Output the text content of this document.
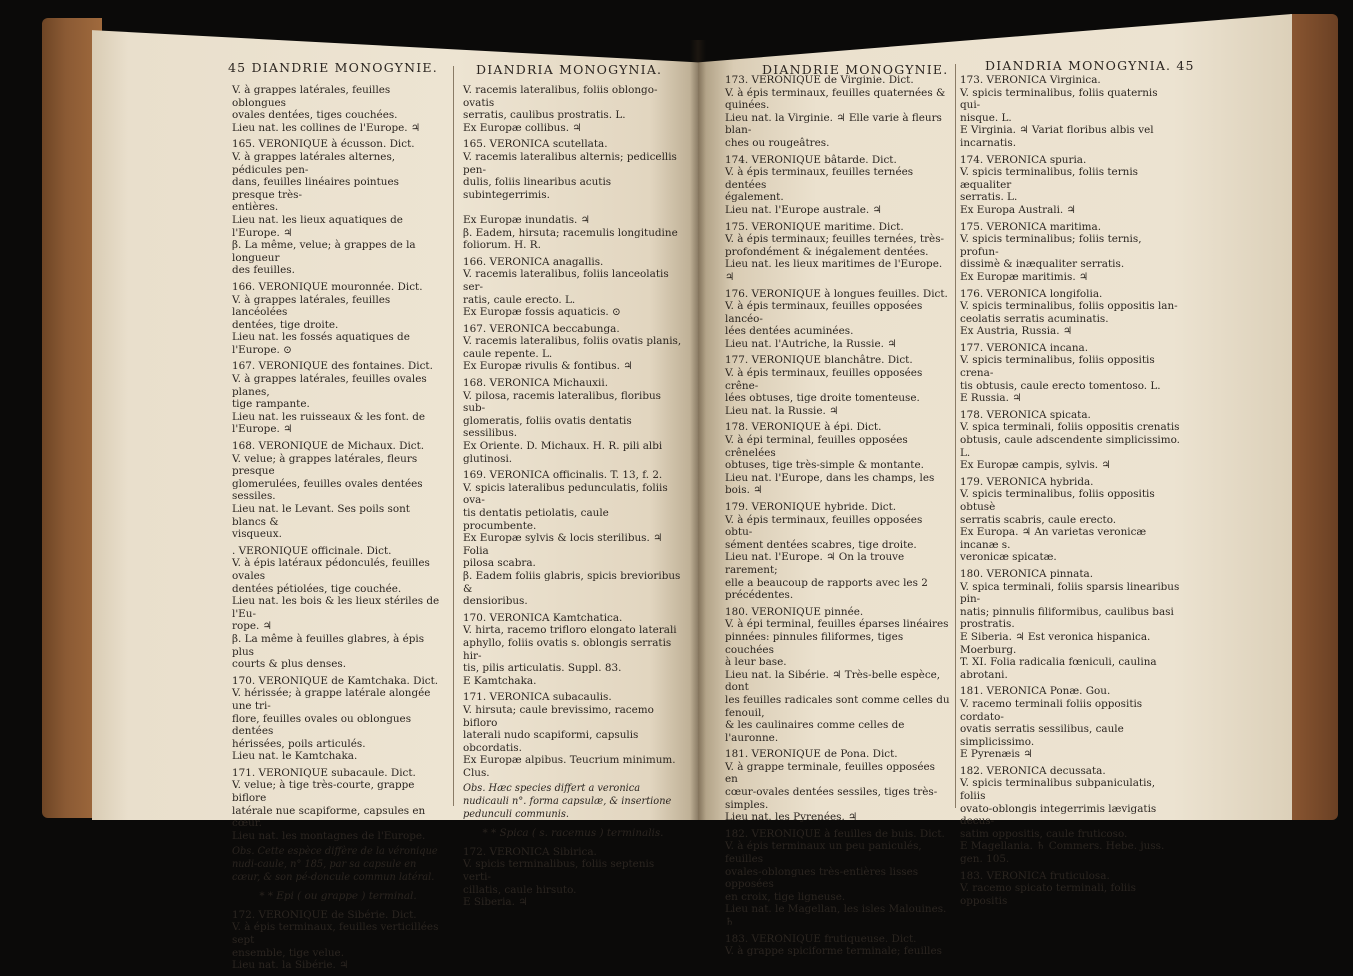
45 DIANDRIE MONOGYNIE.	DIANDRIA MONOGYNIA.	DIANDRIE MONOGYNIE.	DIANDRIA MONOGYNIA. 45

V. à grappes latérales, feuilles oblongues

ovales dentées, tiges couchées.

Lieu nat. les collines de l'Europe. ♃

165. VERONIQUE à écusson. Dict.

V. à grappes latérales alternes, pédicules pen-

dans, feuilles linéaires pointues presque très-

entières.

Lieu nat. les lieux aquatiques de l'Europe. ♃

β. La même, velue; à grappes de la longueur

des feuilles.

166. VERONIQUE mouronnée. Dict.

V. à grappes latérales, feuilles lancéolées

dentées, tige droite.

Lieu nat. les fossés aquatiques de l'Europe. ⊙

167. VERONIQUE des fontaines. Dict.

V. à grappes latérales, feuilles ovales planes,

tige rampante.

Lieu nat. les ruisseaux & les font. de l'Europe. ♃

168. VERONIQUE de Michaux. Dict.

V. velue; à grappes latérales, fleurs presque

glomerulées, feuilles ovales dentées sessiles.

Lieu nat. le Levant. Ses poils sont blancs &

visqueux.

. VERONIQUE officinale. Dict.

V. à épis latéraux pédonculés, feuilles ovales

dentées pétiolées, tige couchée.

Lieu nat. les bois & les lieux stériles de l'Eu-

rope. ♃

β. La même à feuilles glabres, à épis plus

courts & plus denses.

170. VERONIQUE de Kamtchaka. Dict.

V. hérissée; à grappe latérale alongée une tri-

flore, feuilles ovales ou oblongues dentées

hérissées, poils articulés.

Lieu nat. le Kamtchaka.

171. VERONIQUE subacaule. Dict.

V. velue; à tige très-courte, grappe biflore

latérale nue scapiforme, capsules en cœur.

Lieu nat. les montagnes de l'Europe.

Obs. Cette espèce diffère de la véronique nudi-caule, n° 185, par sa capsule en cœur, & son pé-doncule commun latéral.

* * Epi ( ou grappe ) terminal.

172. VERONIQUE de Sibérie. Dict.

V. à épis terminaux, feuilles verticillées sept

ensemble, tige velue.

Lieu nat. la Sibérie. ♃

V. racemis lateralibus, foliis oblongo-ovatis

serratis, caulibus prostratis. L.

Ex Europæ collibus. ♃

165. VERONICA scutellata.

V. racemis lateralibus alternis; pedicellis pen-

dulis, foliis linearibus acutis subintegerrimis.

Ex Europæ inundatis. ♃

β. Eadem, hirsuta; racemulis longitudine

foliorum. H. R.

166. VERONICA anagallis.

V. racemis lateralibus, foliis lanceolatis ser-

ratis, caule erecto. L.

Ex Europæ fossis aquaticis. ⊙

167. VERONICA beccabunga.

V. racemis lateralibus, foliis ovatis planis,

caule repente. L.

Ex Europæ rivulis & fontibus. ♃

168. VERONICA Michauxii.

V. pilosa, racemis lateralibus, floribus sub-

glomeratis, foliis ovatis dentatis sessilibus.

Ex Oriente. D. Michaux. H. R. pili albi glutinosi.

169. VERONICA officinalis. T. 13, f. 2.

V. spicis lateralibus pedunculatis, foliis ova-

tis dentatis petiolatis, caule procumbente.

Ex Europæ sylvis & locis sterilibus. ♃ Folia

pilosa scabra.

β. Eadem foliis glabris, spicis brevioribus &

densioribus.

170. VERONICA Kamtchatica.

V. hirta, racemo trifloro elongato laterali

aphyllo, foliis ovatis s. oblongis serratis hir-

tis, pilis articulatis. Suppl. 83.

E Kamtchaka.

171. VERONICA subacaulis.

V. hirsuta; caule brevissimo, racemo bifloro

laterali nudo scapiformi, capsulis obcordatis.

Ex Europæ alpibus. Teucrium minimum. Clus.

Obs. Hæc species differt a veronica nudicauli n°. forma capsulæ, & insertione pedunculi communis.

* * Spica ( s. racemus ) terminalis.

172. VERONICA Sibirica.

V. spicis terminalibus, foliis septenis verti-

cillatis, caule hirsuto.

E Siberia. ♃

173. VERONIQUE de Virginie. Dict.

V. à épis terminaux, feuilles quaternées &

quinées.

Lieu nat. la Virginie. ♃ Elle varie à fleurs blan-

ches ou rougeâtres.

174. VERONIQUE bâtarde. Dict.

V. à épis terminaux, feuilles ternées dentées

également.

Lieu nat. l'Europe australe. ♃

175. VERONIQUE maritime. Dict.

V. à épis terminaux; feuilles ternées, très-

profondément & inégalement dentées.

Lieu nat. les lieux maritimes de l'Europe. ♃

176. VERONIQUE à longues feuilles. Dict.

V. à épis terminaux, feuilles opposées lancéo-

lées dentées acuminées.

Lieu nat. l'Autriche, la Russie. ♃

177. VERONIQUE blanchâtre. Dict.

V. à épis terminaux, feuilles opposées crêne-

lées obtuses, tige droite tomenteuse.

Lieu nat. la Russie. ♃

178. VERONIQUE à épi. Dict.

V. à épi terminal, feuilles opposées crênelées

obtuses, tige très-simple & montante.

Lieu nat. l'Europe, dans les champs, les bois. ♃

179. VERONIQUE hybride. Dict.

V. à épis terminaux, feuilles opposées obtu-

sément dentées scabres, tige droite.

Lieu nat. l'Europe. ♃ On la trouve rarement;

elle a beaucoup de rapports avec les 2 précédentes.

180. VERONIQUE pinnée.

V. à épi terminal, feuilles éparses linéaires

pinnées: pinnules filiformes, tiges couchées

à leur base.

Lieu nat. la Sibérie. ♃ Très-belle espèce, dont

les feuilles radicales sont comme celles du fenouil,

& les caulinaires comme celles de l'auronne.

181. VERONIQUE de Pona. Dict.

V. à grappe terminale, feuilles opposées en

cœur-ovales dentées sessiles, tiges très-simples.

Lieu nat. les Pyrenées. ♃

182. VERONIQUE à feuilles de buis. Dict.

V. à épis terminaux un peu paniculés, feuilles

ovales-oblongues très-entières lisses opposées

en croix, tige ligneuse.

Lieu nat. le Magellan, les isles Malouines. ♄

183. VERONIQUE frutiqueuse. Dict.

V. à grappe spiciforme terminale; feuilles

173. VERONICA Virginica.

V. spicis terminalibus, foliis quaternis qui-

nisque. L.

E Virginia. ♃ Variat floribus albis vel incarnatis.

174. VERONICA spuria.

V. spicis terminalibus, foliis ternis æqualiter

serratis. L.

Ex Europa Australi. ♃

175. VERONICA maritima.

V. spicis terminalibus; foliis ternis, profun-

dissimè & inæqualiter serratis.

Ex Europæ maritimis. ♃

176. VERONICA longifolia.

V. spicis terminalibus, foliis oppositis lan-

ceolatis serratis acuminatis.

Ex Austria, Russia. ♃

177. VERONICA incana.

V. spicis terminalibus, foliis oppositis crena-

tis obtusis, caule erecto tomentoso. L.

E Russia. ♃

178. VERONICA spicata.

V. spica terminali, foliis oppositis crenatis

obtusis, caule adscendente simplicissimo. L.

Ex Europæ campis, sylvis. ♃

179. VERONICA hybrida.

V. spicis terminalibus, foliis oppositis obtusè

serratis scabris, caule erecto.

Ex Europa. ♃ An varietas veronicæ incanæ s.

veronicæ spicatæ.

180. VERONICA pinnata.

V. spica terminali, foliis sparsis linearibus pin-

natis; pinnulis filiformibus, caulibus basi

prostratis.

E Siberia. ♃ Est veronica hispanica. Moerburg.

T. XI. Folia radicalia fœniculi, caulina abrotani.

181. VERONICA Ponæ. Gou.

V. racemo terminali foliis oppositis cordato-

ovatis serratis sessilibus, caule simplicissimo.

E Pyrenæis ♃

182. VERONICA decussata.

V. spicis terminalibus subpaniculatis, foliis

ovato-oblongis integerrimis lævigatis decus-

satim oppositis, caule fruticoso.

E Magellania. ♄ Commers. Hebe. juss. gen. 105.

183. VERONICA fruticulosa.

V. racemo spicato terminali, foliis oppositis
